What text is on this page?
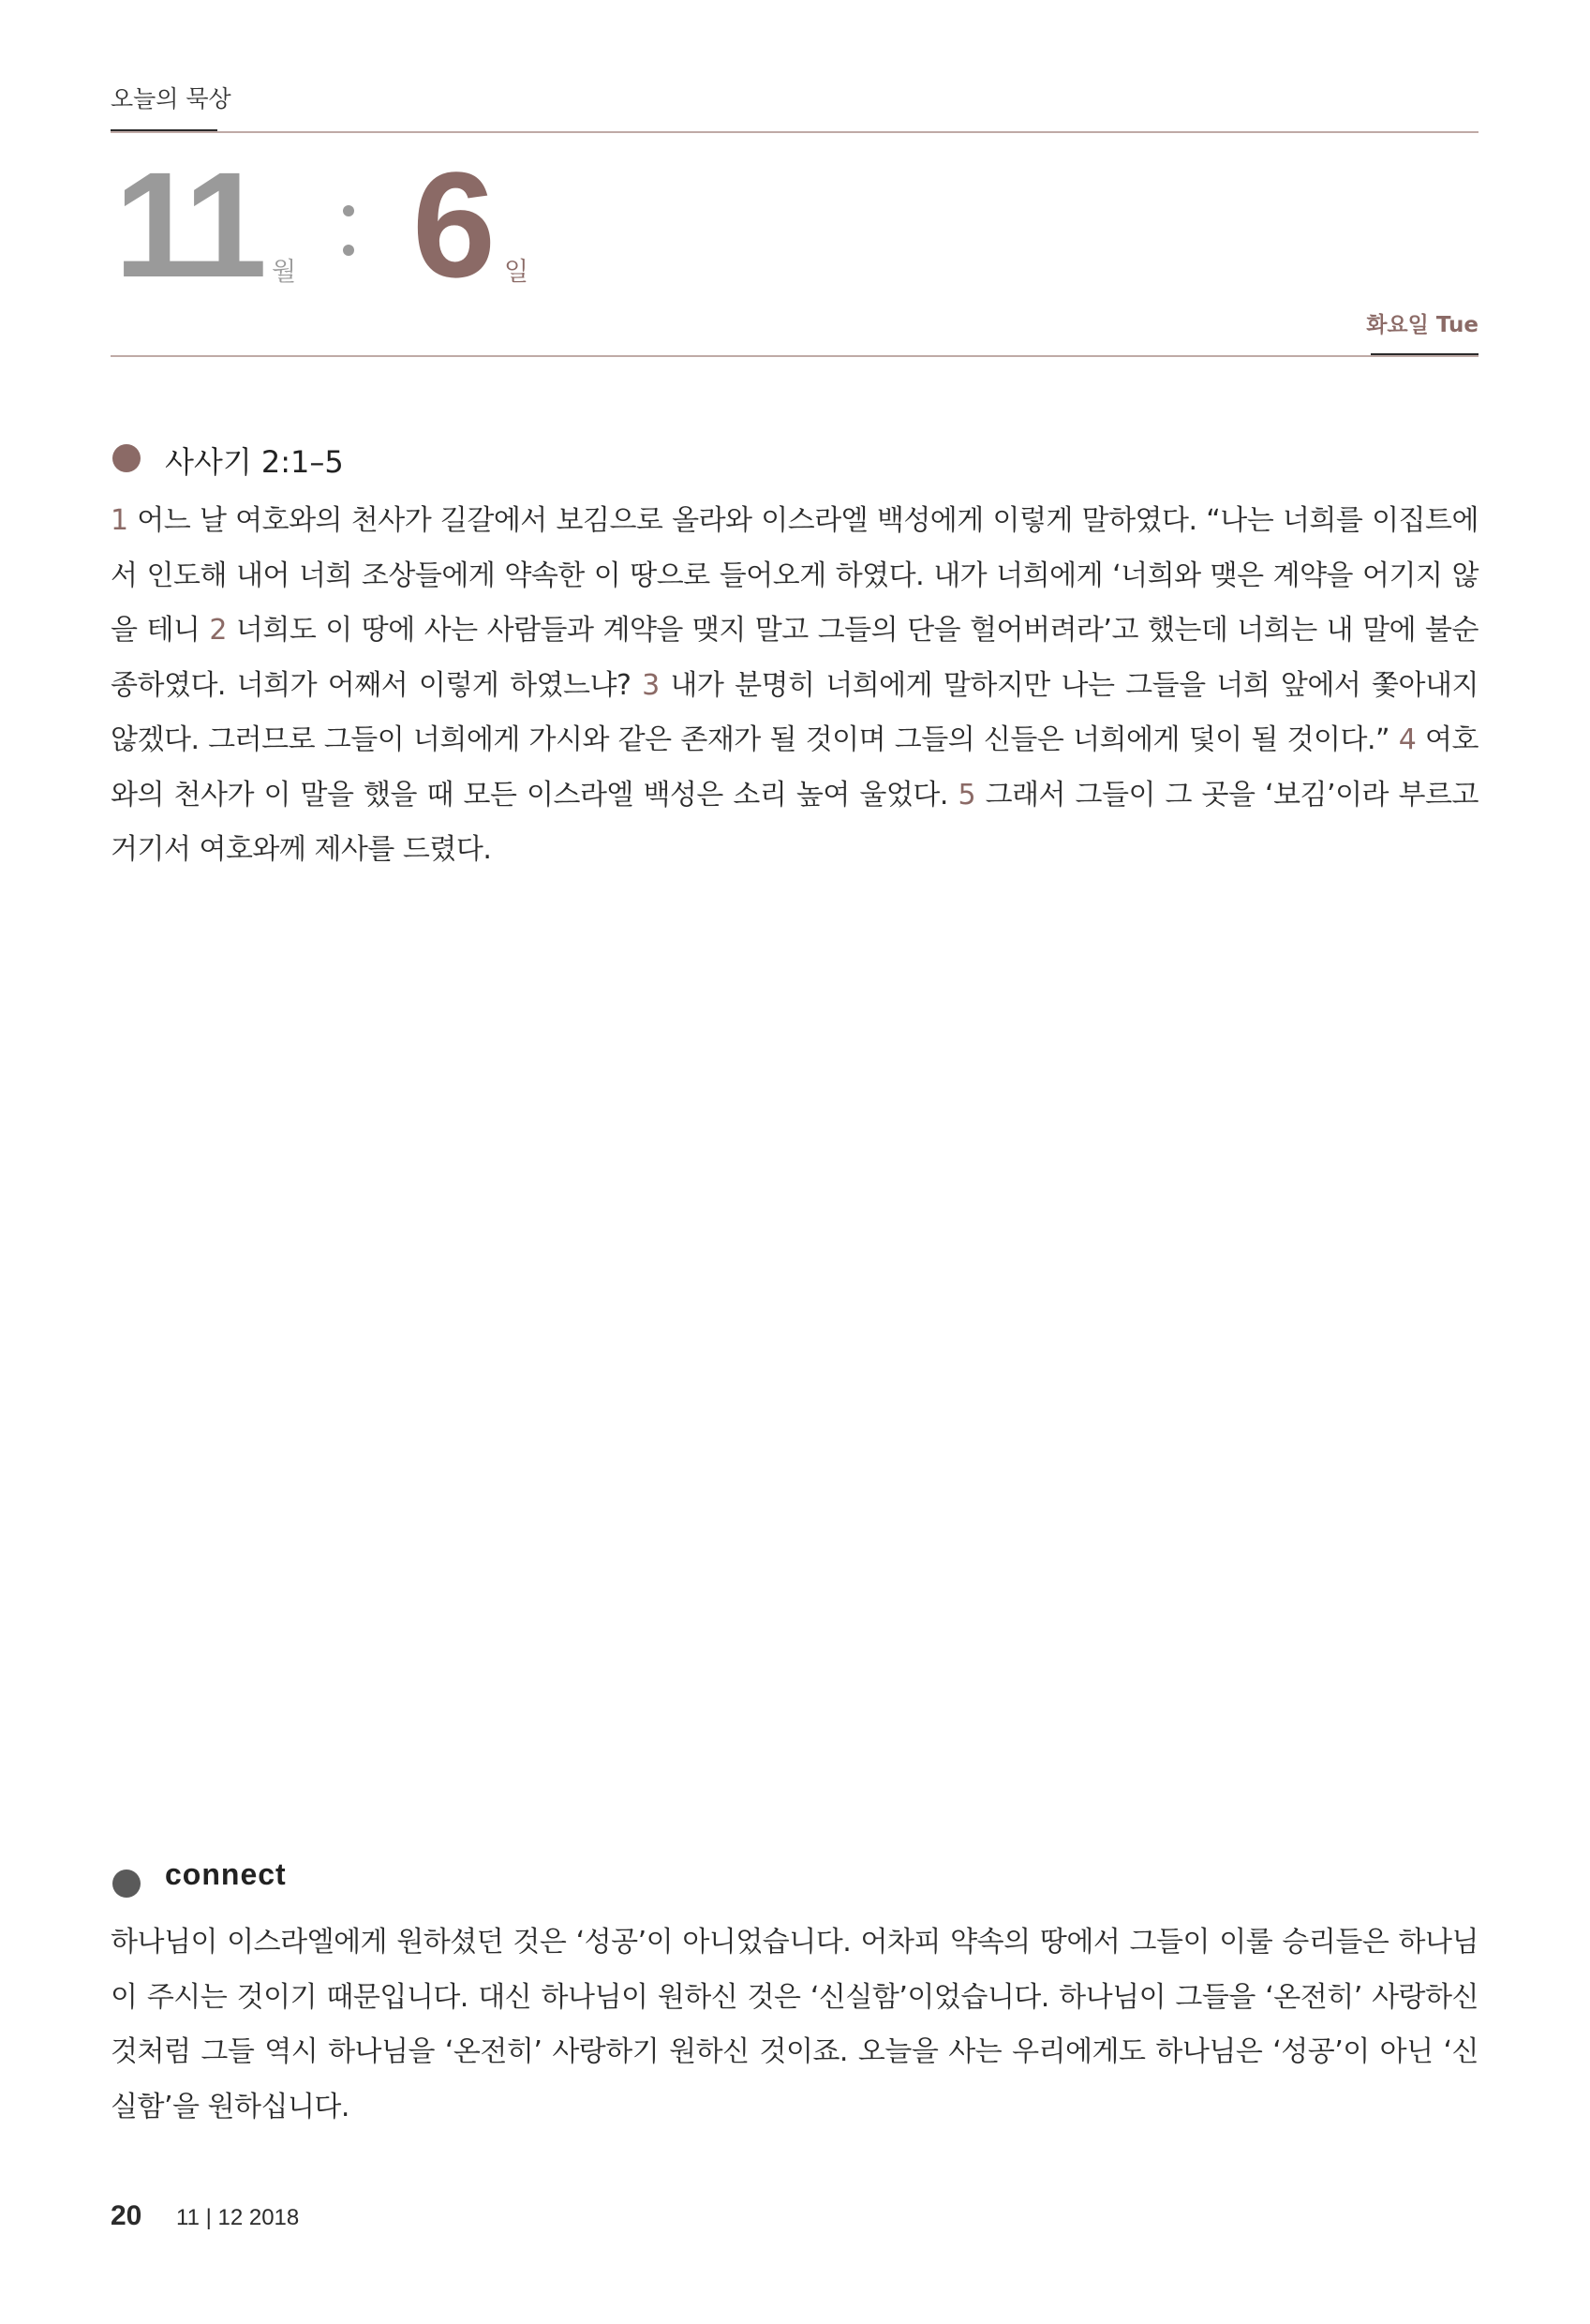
오늘의 묵상
11 월 6 일
화요일 Tue
사사기 2:1–5
1 어느 날 여호와의 천사가 길갈에서 보김으로 올라와 이스라엘 백성에게 이렇게 말하였다. “나는 너희를 이집트에서 인도해 내어 너희 조상들에게 약속한 이 땅으로 들어오게 하였다. 내가 너희에게 ‘너희와 맺은 계약을 어기지 않을 테니 2 너희도 이 땅에 사는 사람들과 계약을 맺지 말고 그들의 단을 헐어버려라’고 했는데 너희는 내 말에 불순종하였다. 너희가 어째서 이렇게 하였느냐? 3 내가 분명히 너희에게 말하지만 나는 그들을 너희 앞에서 쫓아내지 않겠다. 그러므로 그들이 너희에게 가시와 같은 존재가 될 것이며 그들의 신들은 너희에게 덫이 될 것이다.” 4 여호와의 천사가 이 말을 했을 때 모든 이스라엘 백성은 소리 높여 울었다. 5 그래서 그들이 그 곳을 ‘보김’이라 부르고 거기서 여호와께 제사를 드렸다.
connect
하나님이 이스라엘에게 원하셨던 것은 ‘성공’이 아니었습니다. 어차피 약속의 땅에서 그들이 이룰 승리들은 하나님이 주시는 것이기 때문입니다. 대신 하나님이 원하신 것은 ‘신실함’이었습니다. 하나님이 그들을 ‘온전히’ 사랑하신 것처럼 그들 역시 하나님을 ‘온전히’ 사랑하기 원하신 것이죠. 오늘을 사는 우리에게도 하나님은 ‘성공’이 아닌 ‘신실함’을 원하십니다.
20 11 | 12 2018
